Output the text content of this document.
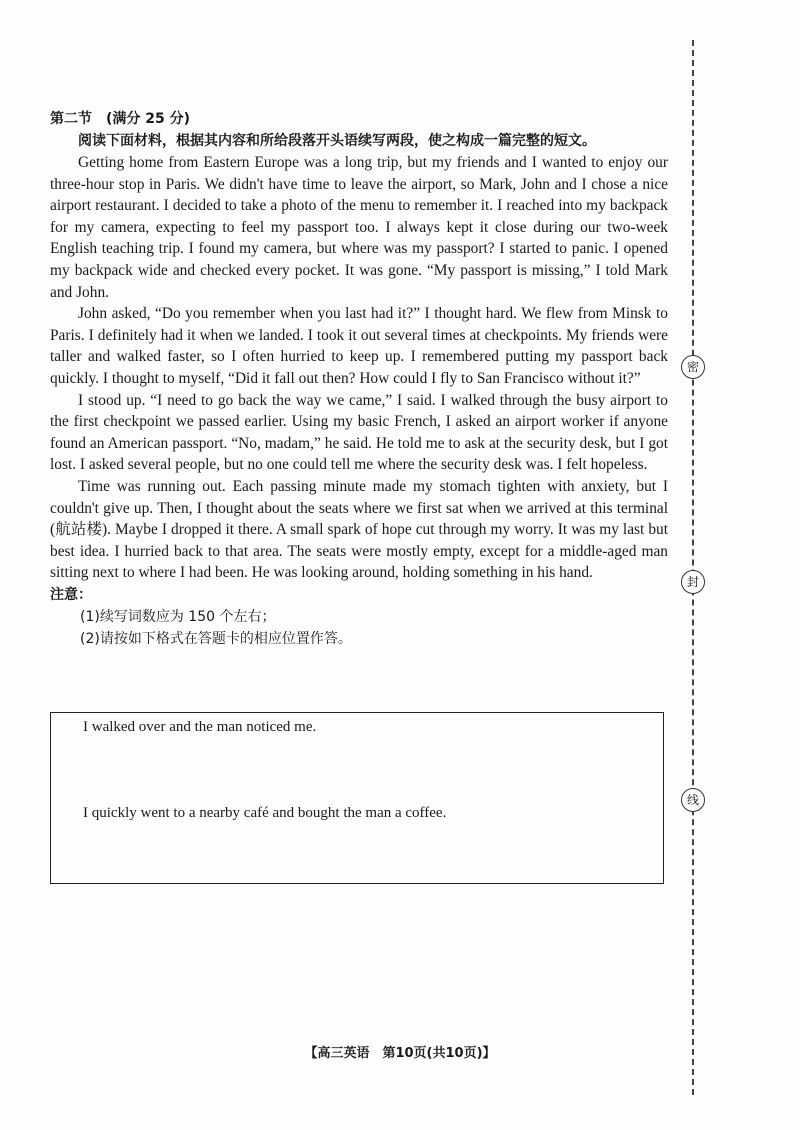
第二节　(满分 25 分)

阅读下面材料，根据其内容和所给段落开头语续写两段，使之构成一篇完整的短文。

Getting home from Eastern Europe was a long trip, but my friends and I wanted to enjoy our three-hour stop in Paris. We didn't have time to leave the airport, so Mark, John and I chose a nice airport restaurant. I decided to take a photo of the menu to remember it. I reached into my backpack for my camera, expecting to feel my passport too. I always kept it close during our two-week English teaching trip. I found my camera, but where was my passport? I started to panic. I opened my backpack wide and checked every pocket. It was gone. “My passport is missing,” I told Mark and John.

John asked, “Do you remember when you last had it?” I thought hard. We flew from Minsk to Paris. I definitely had it when we landed. I took it out several times at checkpoints. My friends were taller and walked faster, so I often hurried to keep up. I remembered putting my passport back quickly. I thought to myself, “Did it fall out then? How could I fly to San Francisco without it?”

I stood up. “I need to go back the way we came,” I said. I walked through the busy airport to the first checkpoint we passed earlier. Using my basic French, I asked an airport worker if anyone found an American passport. “No, madam,” he said. He told me to ask at the security desk, but I got lost. I asked several people, but no one could tell me where the security desk was. I felt hopeless.

Time was running out. Each passing minute made my stomach tighten with anxiety, but I couldn't give up. Then, I thought about the seats where we first sat when we arrived at this terminal (航站楼). Maybe I dropped it there. A small spark of hope cut through my worry. It was my last but best idea. I hurried back to that area. The seats were mostly empty, except for a middle-aged man sitting next to where I had been. He was looking around, holding something in his hand.

注意：

(1)续写词数应为 150 个左右；

(2)请按如下格式在答题卡的相应位置作答。

I walked over and the man noticed me.

I quickly went to a nearby café and bought the man a coffee.

密
封
线

【高三英语　第10页(共10页)】
